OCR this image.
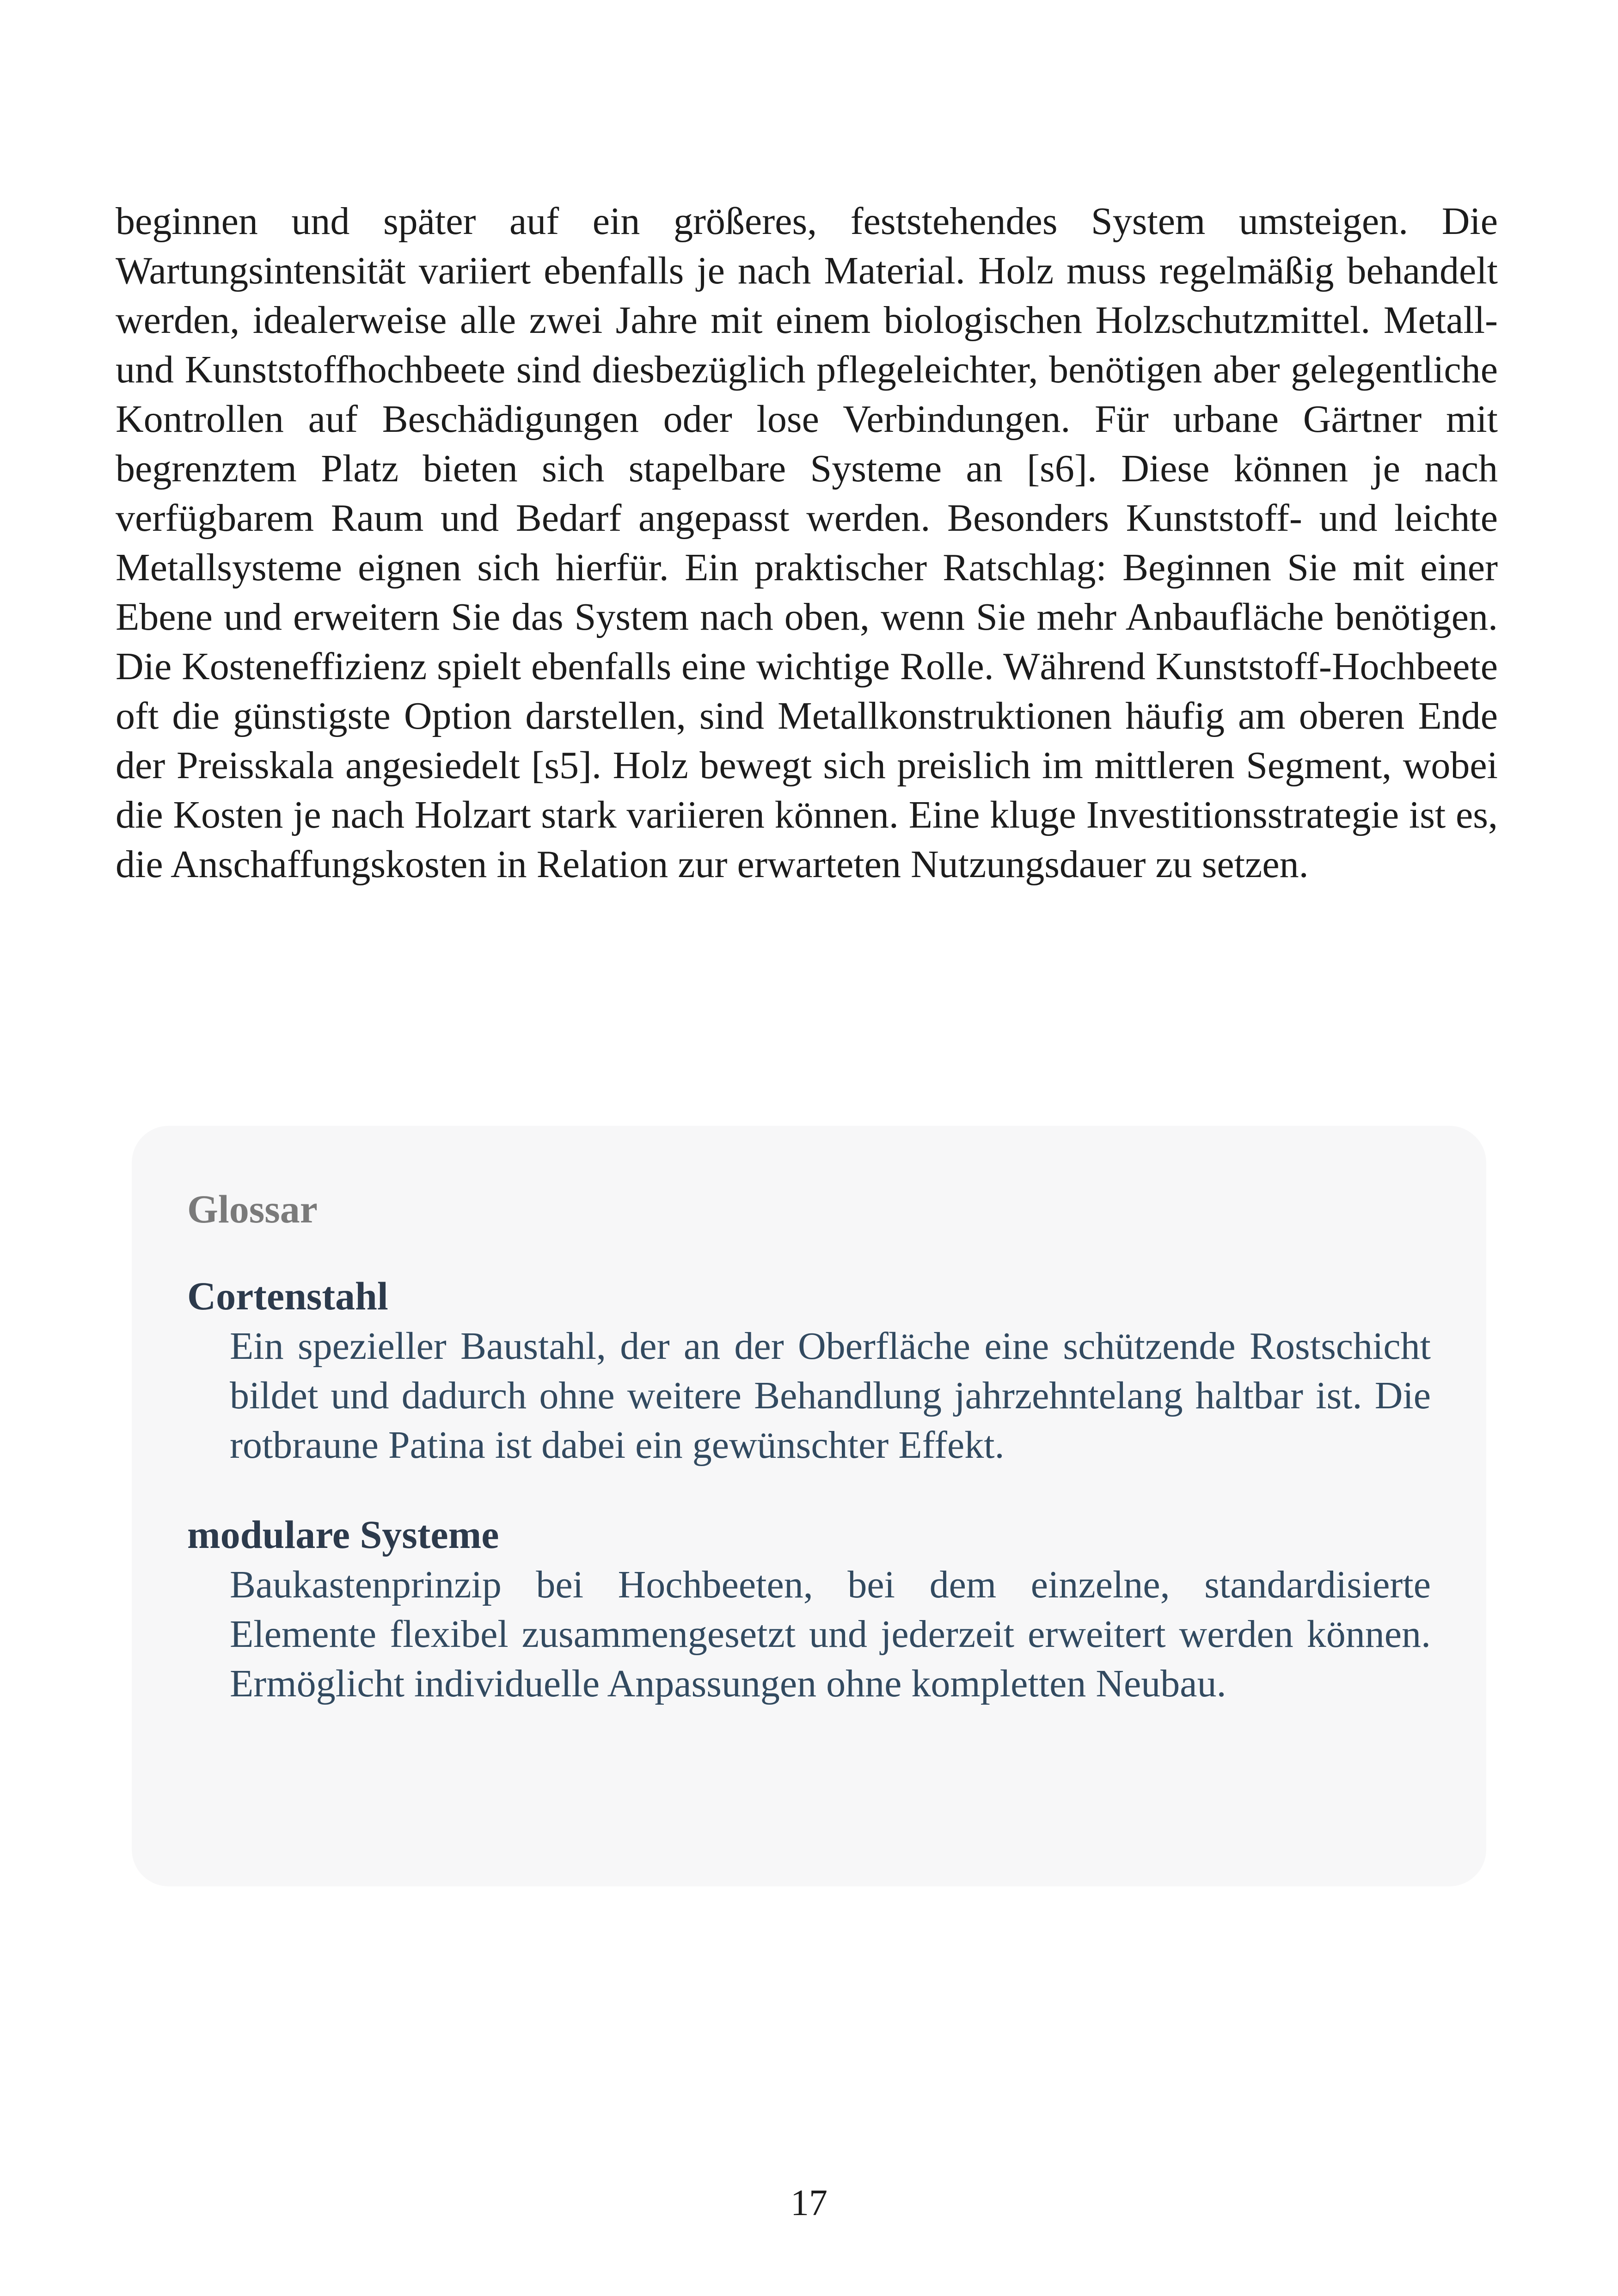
beginnen und später auf ein größeres, feststehendes System umsteigen. Die Wartungsintensität variiert ebenfalls je nach Material. Holz muss regelmäßig behandelt werden, idealerweise alle zwei Jahre mit einem biologischen Holzschutzmittel. Metall- und Kunststoffhochbeete sind diesbezüglich pflegeleichter, benötigen aber gelegentliche Kontrollen auf Beschädigungen oder lose Verbindungen. Für urbane Gärtner mit begrenztem Platz bieten sich stapelbare Systeme an [s6]. Diese können je nach verfügbarem Raum und Bedarf angepasst werden. Besonders Kunststoff- und leichte Metallsysteme eignen sich hierfür. Ein praktischer Ratschlag: Beginnen Sie mit einer Ebene und erweitern Sie das System nach oben, wenn Sie mehr Anbaufläche benötigen. Die Kosteneffizienz spielt ebenfalls eine wichtige Rolle. Während Kunststoff-Hochbeete oft die günstigste Option darstellen, sind Metallkonstruktionen häufig am oberen Ende der Preisskala angesiedelt [s5]. Holz bewegt sich preislich im mittleren Segment, wobei die Kosten je nach Holzart stark variieren können. Eine kluge Investitionsstrategie ist es, die Anschaffungskosten in Relation zur erwarteten Nutzungsdauer zu setzen.

Glossar
Cortenstahl
Ein spezieller Baustahl, der an der Oberfläche eine schützende Rostschicht bildet und dadurch ohne weitere Behandlung jahrzehntelang haltbar ist. Die rotbraune Patina ist dabei ein gewünschter Effekt.
modulare Systeme
Baukastenprinzip bei Hochbeeten, bei dem einzelne, standardisierte Elemente flexibel zusammengesetzt und jederzeit erweitert werden können. Ermöglicht individuelle Anpassungen ohne kompletten Neubau.
17
